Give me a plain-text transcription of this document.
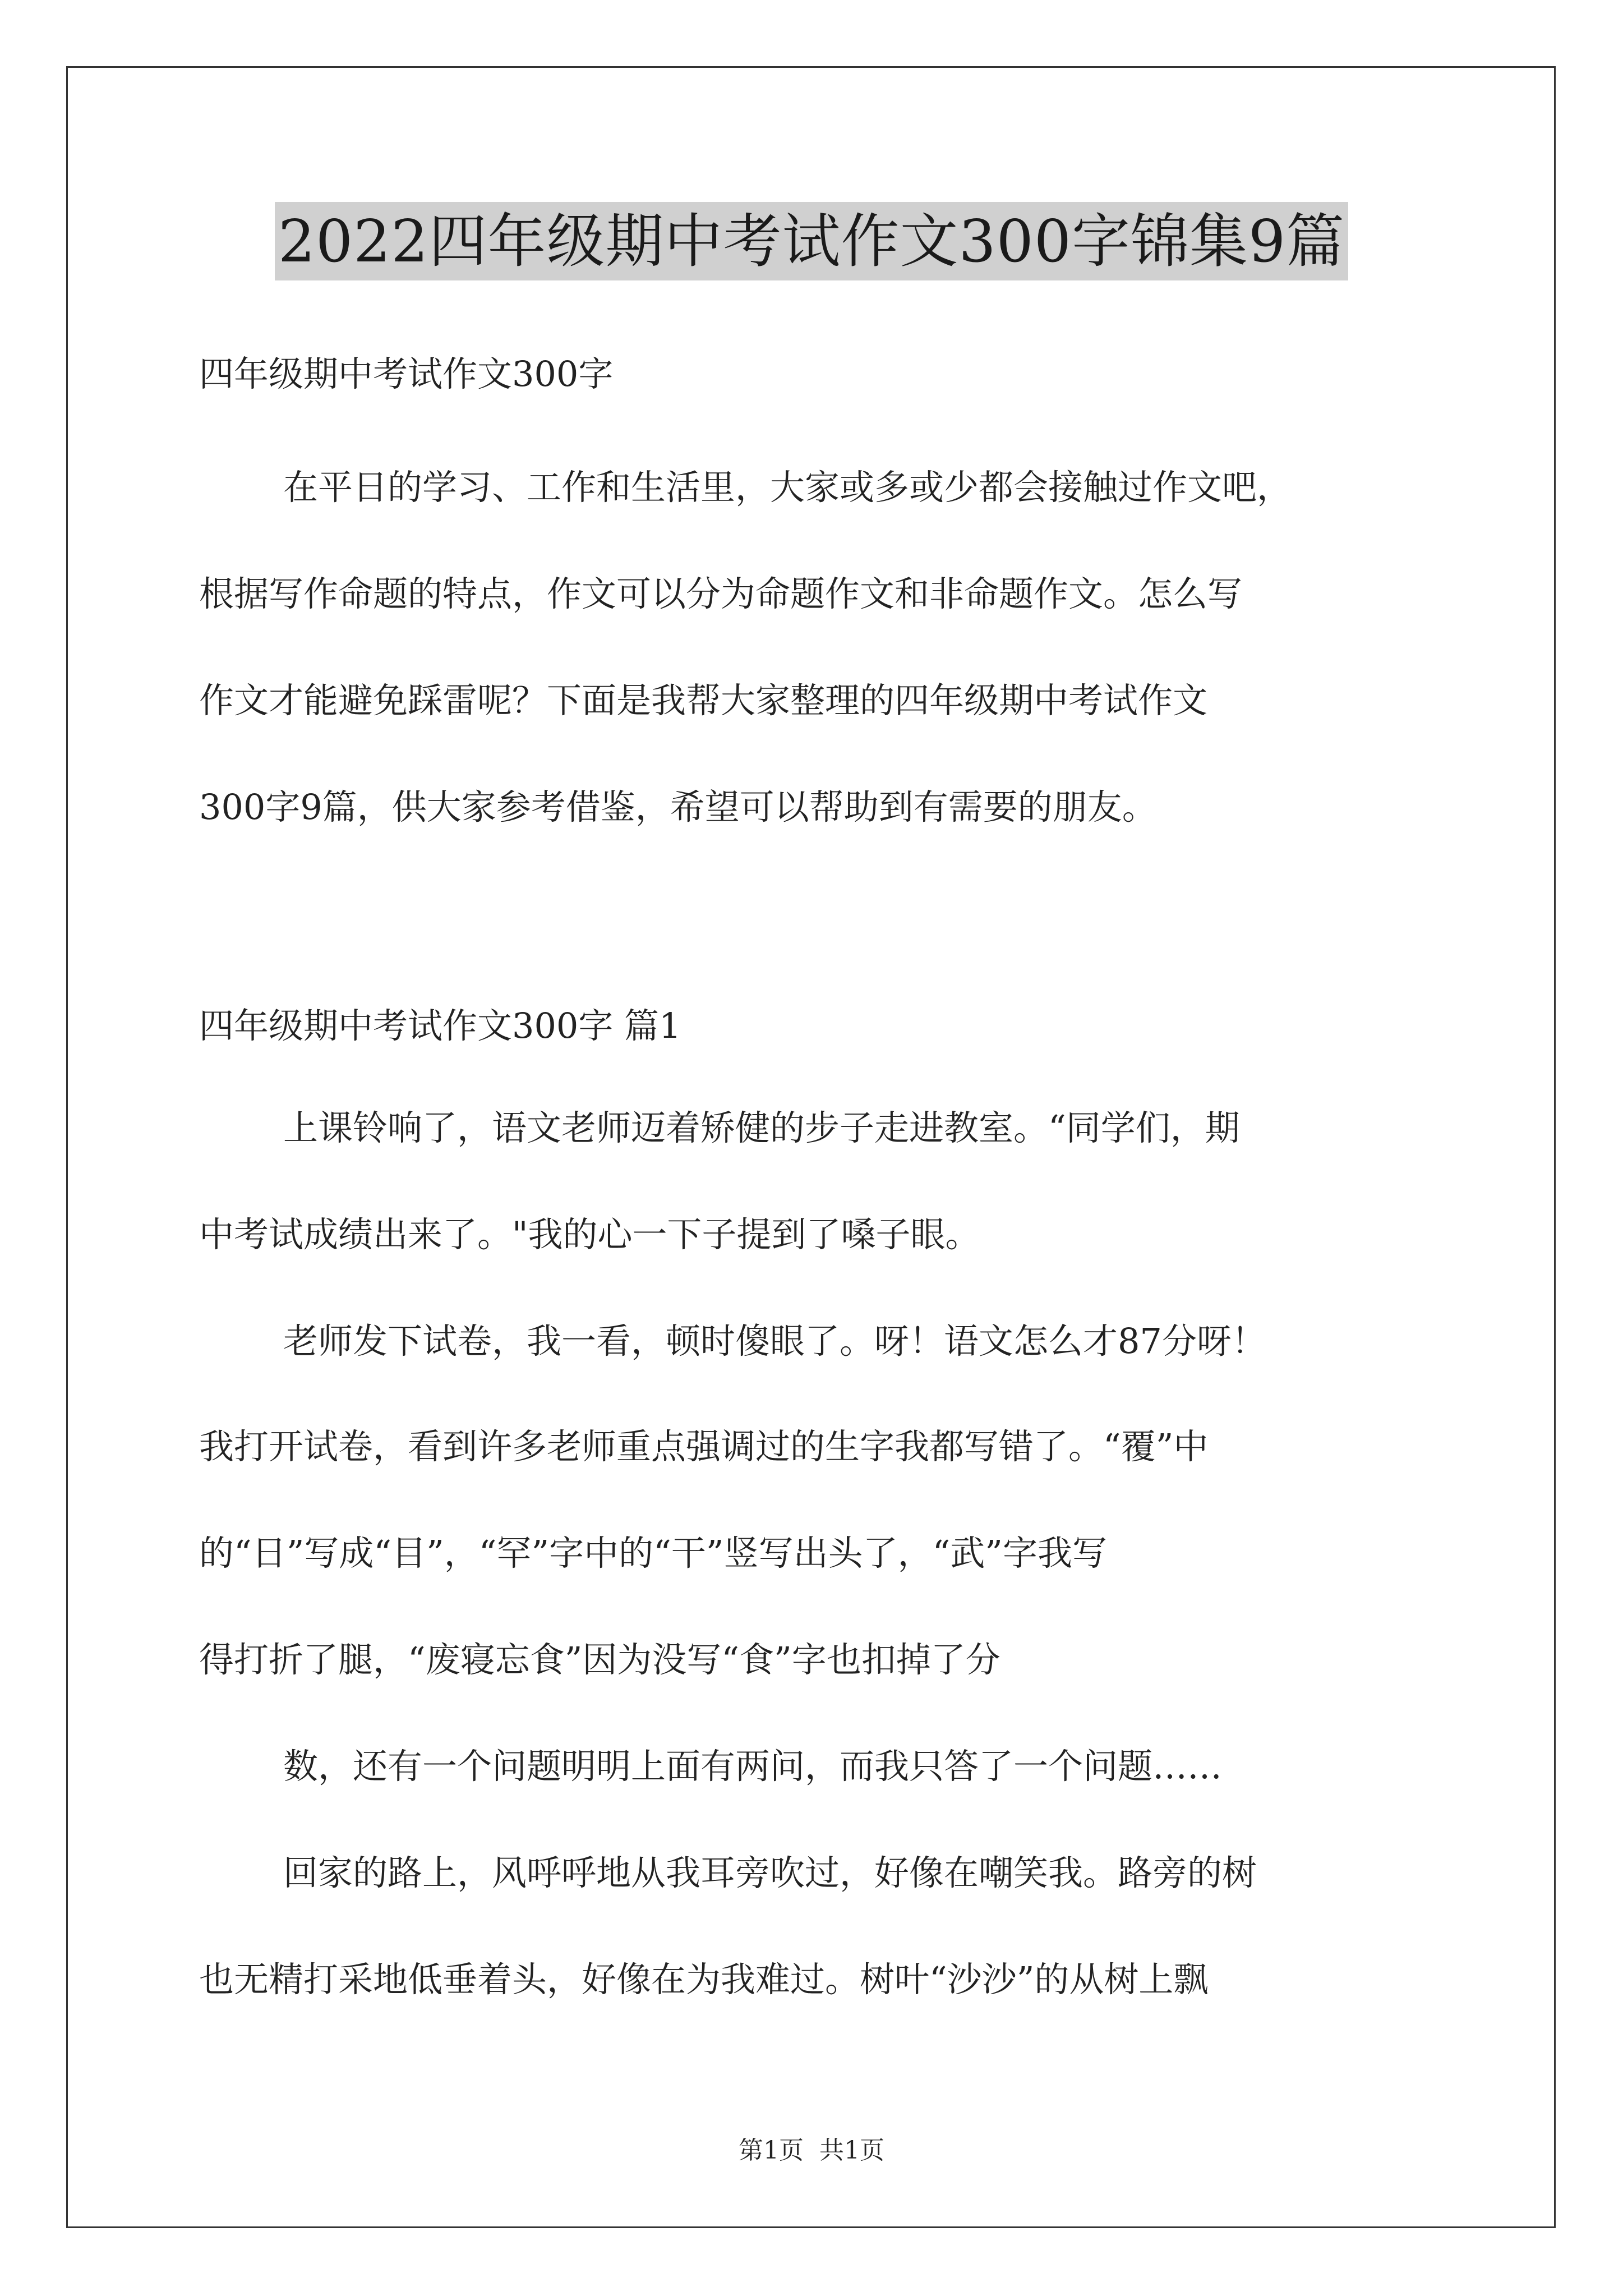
2022四年级期中考试作文300字锦集9篇
四年级期中考试作文300字
在平日的学习、工作和生活里，大家或多或少都会接触过作文吧，
根据写作命题的特点，作文可以分为命题作文和非命题作文。怎么写
作文才能避免踩雷呢？下面是我帮大家整理的四年级期中考试作文
300字9篇，供大家参考借鉴，希望可以帮助到有需要的朋友。
四年级期中考试作文300字 篇1
上课铃响了，语文老师迈着矫健的步子走进教室。“同学们，期
中考试成绩出来了。"我的心一下子提到了嗓子眼。
老师发下试卷，我一看，顿时傻眼了。呀！语文怎么才87分呀！
我打开试卷，看到许多老师重点强调过的生字我都写错了。“覆”中
的“日”写成“目”，“罕”字中的“干”竖写出头了，“武”字我写
得打折了腿，“废寝忘食”因为没写“食”字也扣掉了分
数，还有一个问题明明上面有两问，而我只答了一个问题……
回家的路上，风呼呼地从我耳旁吹过，好像在嘲笑我。路旁的树
也无精打采地低垂着头，好像在为我难过。树叶“沙沙”的从树上飘
第1页 共1页
